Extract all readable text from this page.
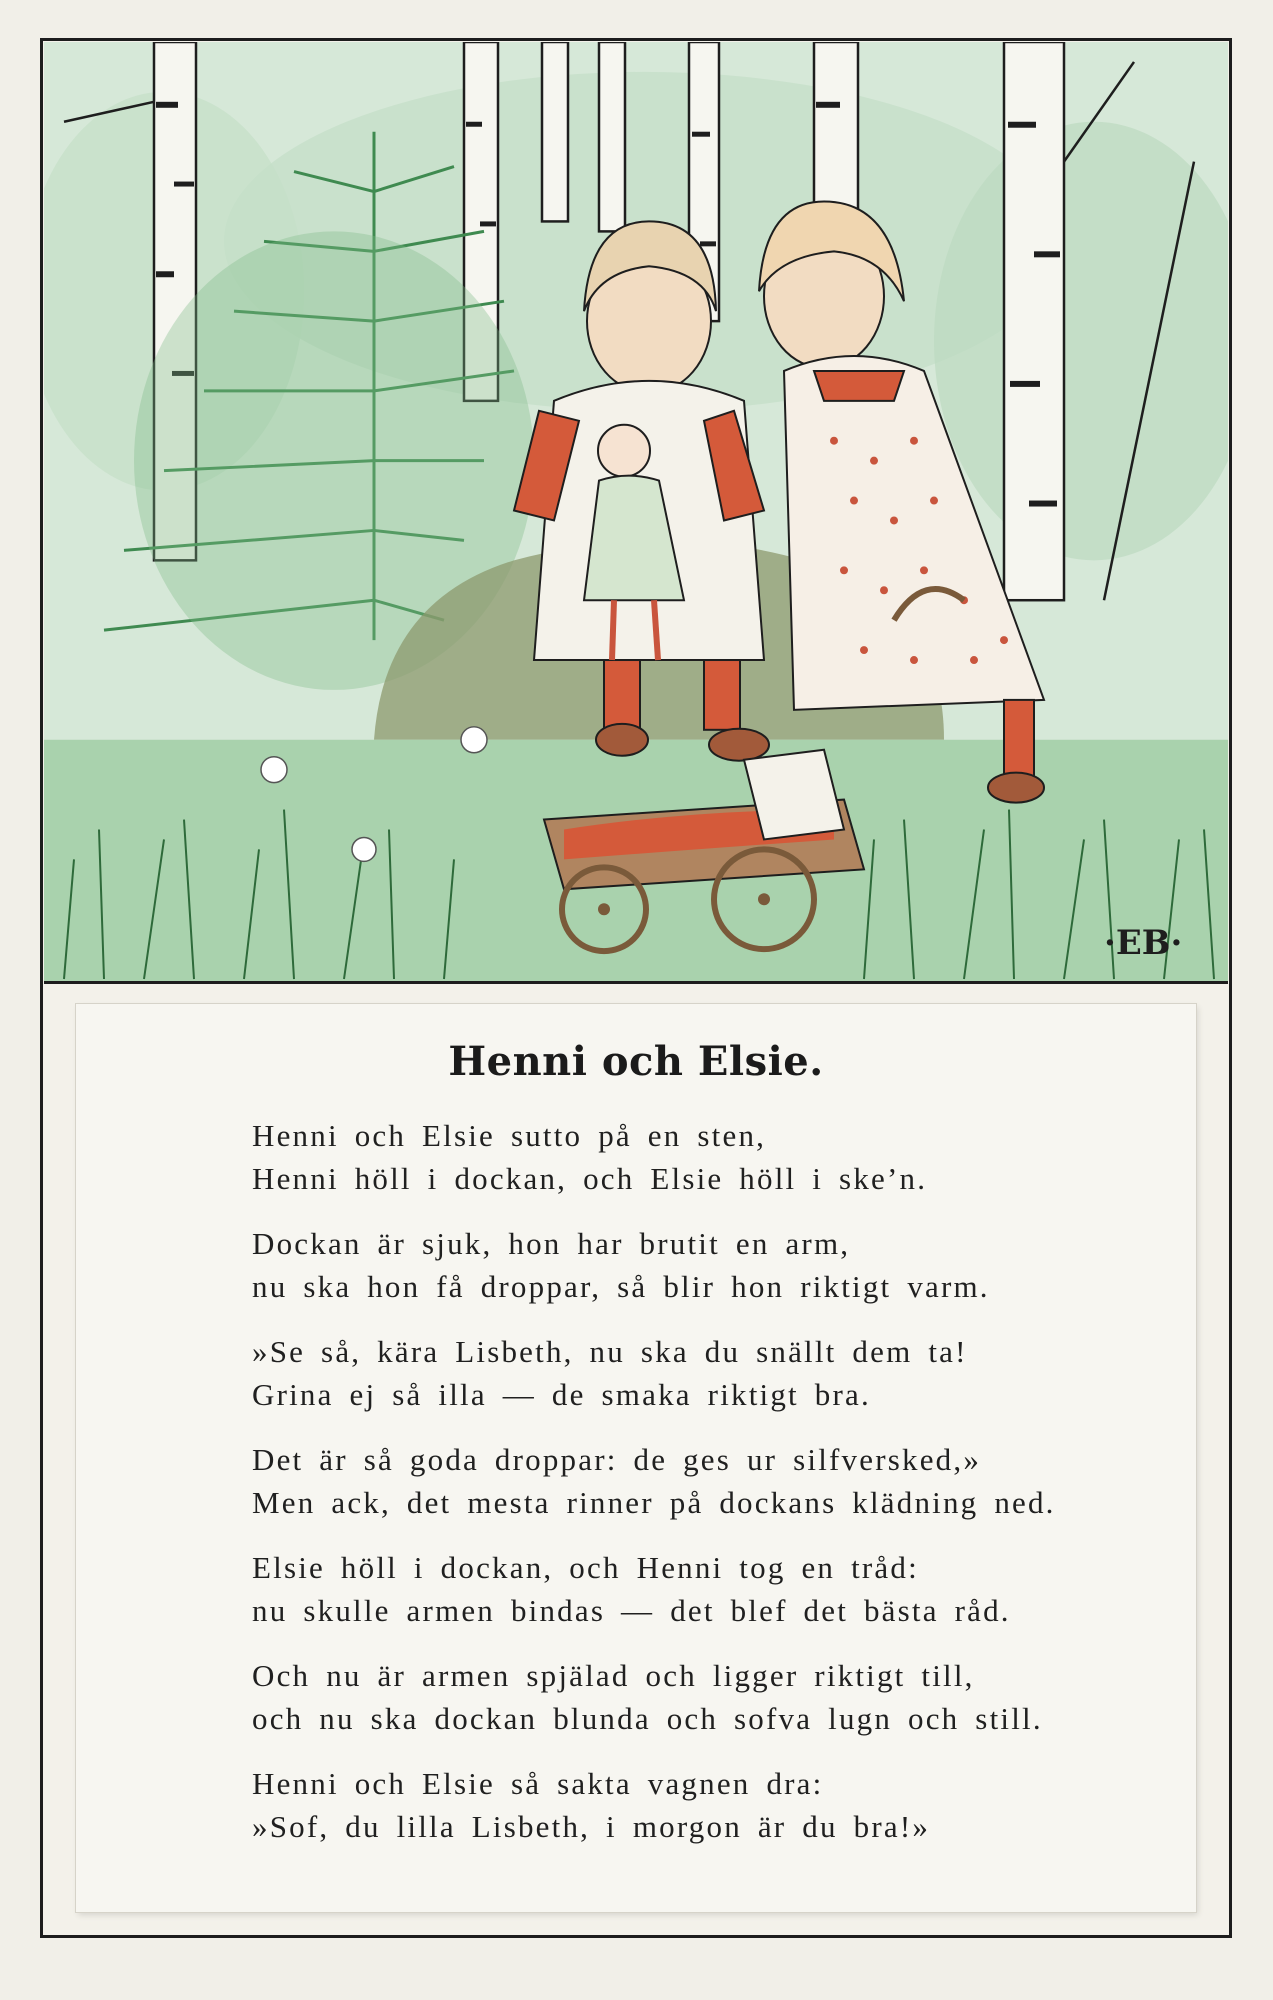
·EB·
Henni och Elsie.
Henni och Elsie sutto på en sten,
Henni höll i dockan, och Elsie höll i ske’n.
Dockan är sjuk, hon har brutit en arm,
nu ska hon få droppar, så blir hon riktigt varm.
»Se så, kära Lisbeth, nu ska du snällt dem ta!
Grina ej så illa — de smaka riktigt bra.
Det är så goda droppar: de ges ur silfversked,»
Men ack, det mesta rinner på dockans klädning ned.
Elsie höll i dockan, och Henni tog en tråd:
nu skulle armen bindas — det blef det bästa råd.
Och nu är armen spjälad och ligger riktigt till,
och nu ska dockan blunda och sofva lugn och still.
Henni och Elsie så sakta vagnen dra:
»Sof, du lilla Lisbeth, i morgon är du bra!»
